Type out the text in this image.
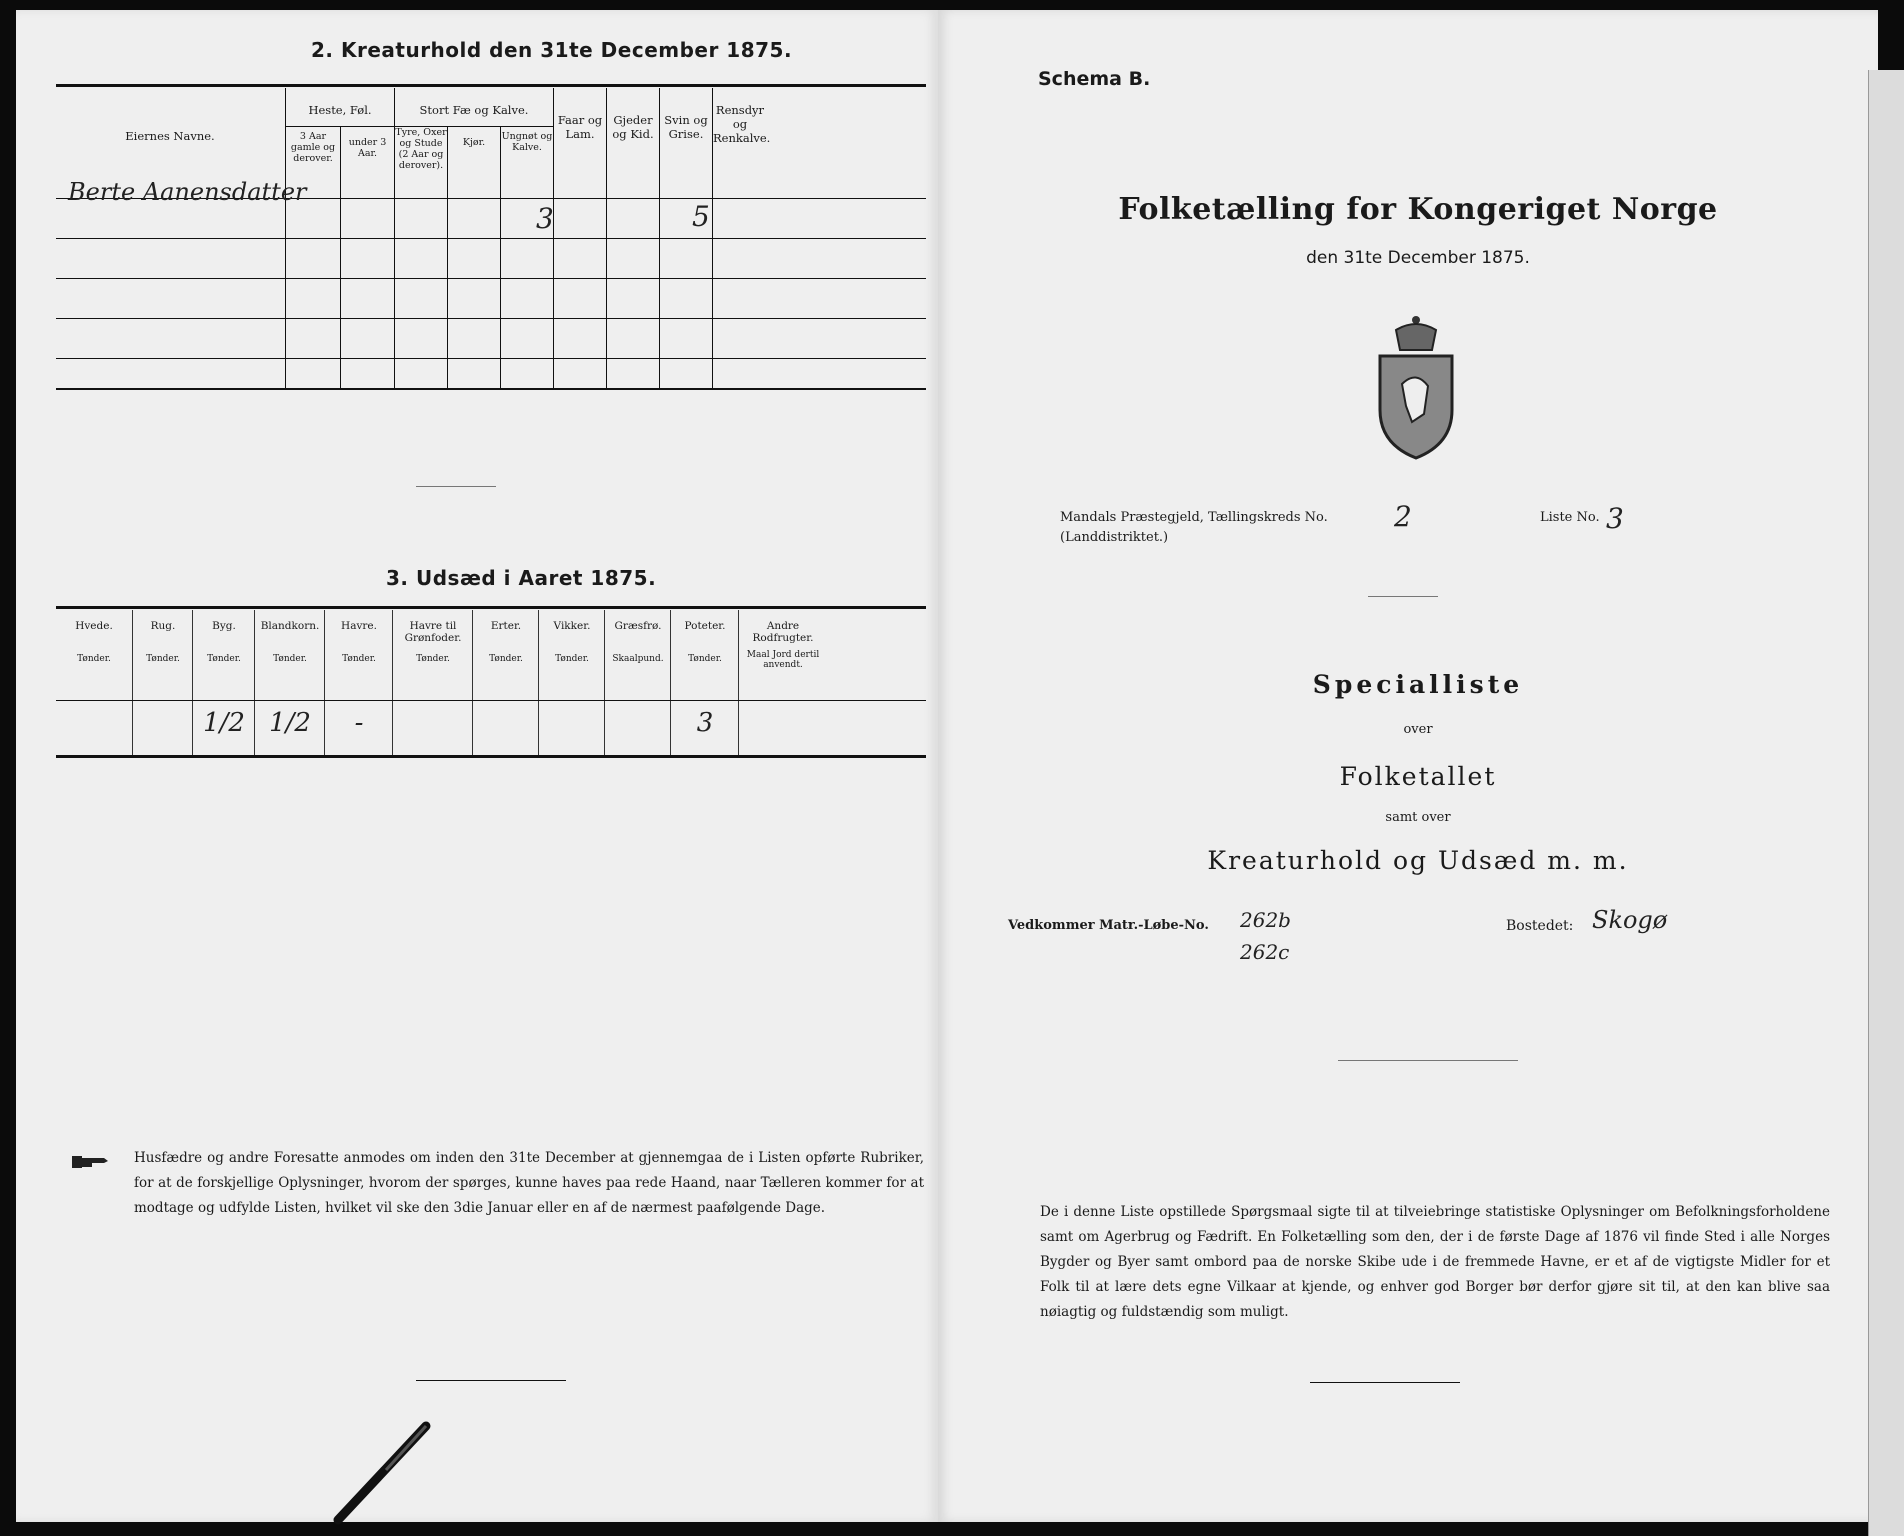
2. Kreaturhold den 31te December 1875.
Eiernes Navne.
Heste, Føl.
3 Aar gamle og derover.
under 3 Aar.
Stort Fæ og Kalve.
Tyre, Oxer og Stude (2 Aar og derover).
Kjør.
Ungnøt og Kalve.
Faar og Lam.
Gjeder og Kid.
Svin og Grise.
Rensdyr og Renkalve.
Berte Aanensdatter
3	5
3. Udsæd i Aaret 1875.
Hvede.
Tønder.
Rug.
Tønder.
Byg.
Tønder.
1/2
Blandkorn.
Tønder.
1/2
Havre.
Tønder.
-
Havre til Grønfoder.
Tønder.
Erter.
Tønder.
Vikker.
Tønder.
Græsfrø.
Skaalpund.
Poteter.
Tønder.
3
Andre Rodfrugter.
Maal Jord dertil anvendt.
Husfædre og andre Foresatte anmodes om inden den 31te December at gjennemgaa de i Listen opførte Rubriker, for at de forskjellige Oplysninger, hvorom der spørges, kunne haves paa rede Haand, naar Tælleren kommer for at modtage og udfylde Listen, hvilket vil ske den 3die Januar eller en af de nærmest paafølgende Dage.
Schema B.
Folketælling for Kongeriget Norge
den 31te December 1875.
Mandals Præstegjeld, Tællingskreds No. 2
(Landdistriktet.)
Liste No. 3
Specialliste
over
Folketallet
samt over
Kreaturhold og Udsæd m. m.
Vedkommer Matr.-Løbe-No. 262b
262c
Bostedet: Skogø
De i denne Liste opstillede Spørgsmaal sigte til at tilveiebringe statistiske Oplysninger om Befolkningsforholdene samt om Agerbrug og Fædrift. En Folketælling som den, der i de første Dage af 1876 vil finde Sted i alle Norges Bygder og Byer samt ombord paa de norske Skibe ude i de fremmede Havne, er et af de vigtigste Midler for et Folk til at lære dets egne Vilkaar at kjende, og enhver god Borger bør derfor gjøre sit til, at den kan blive saa nøiagtig og fuldstændig som muligt.
